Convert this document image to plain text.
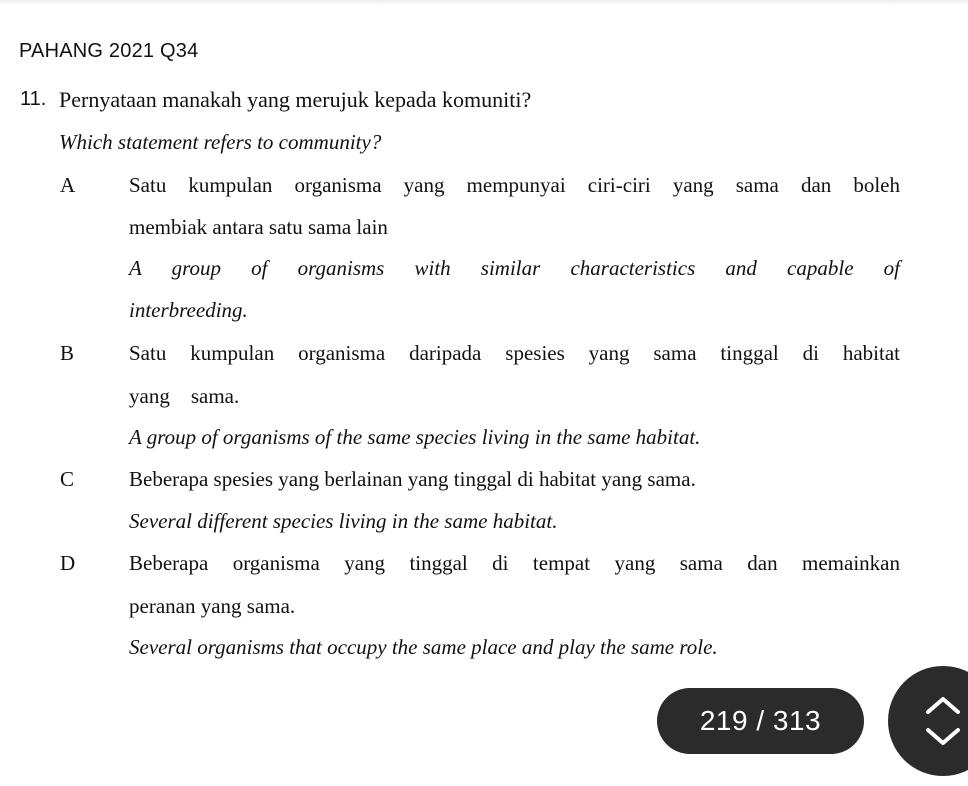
PAHANG 2021 Q34
11. Pernyataan manakah yang merujuk kepada komuniti?
Which statement refers to community?
A	Satu kumpulan organisma yang mempunyai ciri-ciri yang sama dan boleh
membiak antara satu sama lain
A group of organisms with similar characteristics and capable of
interbreeding.
B	Satu kumpulan organisma daripada spesies yang sama tinggal di habitat
yang    sama.
A group of organisms of the same species living in the same habitat.
C	Beberapa spesies yang berlainan yang tinggal di habitat yang sama.
Several different species living in the same habitat.
D	Beberapa organisma yang tinggal di tempat yang sama dan memainkan
peranan yang sama.
Several organisms that occupy the same place and play the same role.
219 / 313
